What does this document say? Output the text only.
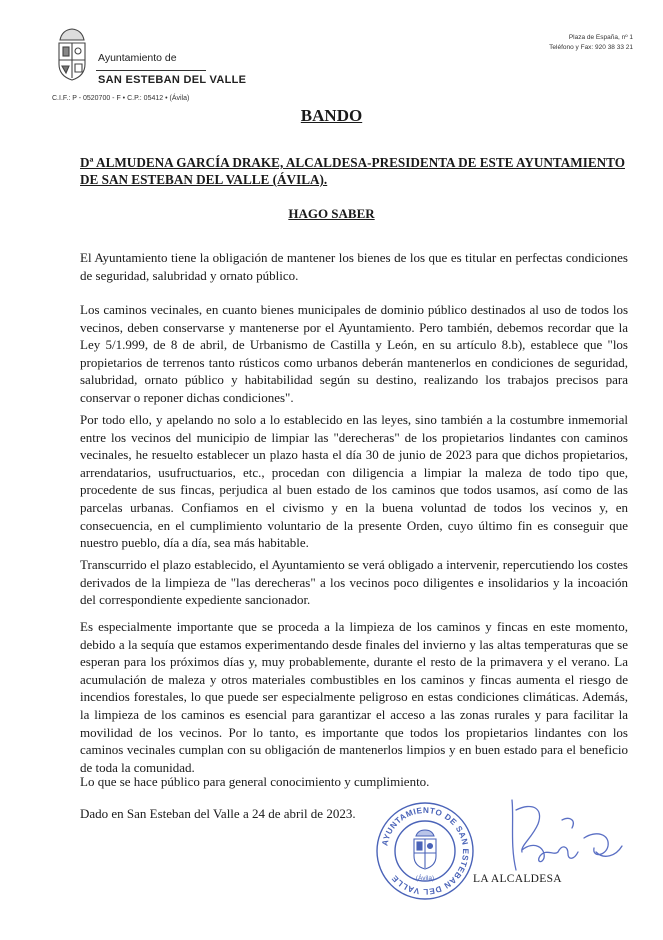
Ayuntamiento de
SAN ESTEBAN DEL VALLE
C.I.F.: P - 0520700 - F • C.P.: 05412 • (Ávila)
Plaza de España, nº 1
Teléfono y Fax: 920 38 33 21
BANDO
Dª ALMUDENA GARCÍA DRAKE, ALCALDESA-PRESIDENTA DE ESTE AYUNTAMIENTO DE SAN ESTEBAN DEL VALLE (ÁVILA).
HAGO SABER

El Ayuntamiento tiene la obligación de mantener los bienes de los que es titular en perfectas condiciones de seguridad, salubridad y ornato público.

Los caminos vecinales, en cuanto bienes municipales de dominio público destinados al uso de todos los vecinos, deben conservarse y mantenerse por el Ayuntamiento. Pero también, debemos recordar que la Ley 5/1.999, de 8 de abril, de Urbanismo de Castilla y León, en su artículo 8.b), establece que "los propietarios de terrenos tanto rústicos como urbanos deberán mantenerlos en condiciones de seguridad, salubridad, ornato público y habitabilidad según su destino, realizando los trabajos precisos para conservar o reponer dichas condiciones".

Por todo ello, y apelando no solo a lo establecido en las leyes, sino también a la costumbre inmemorial entre los vecinos del municipio de limpiar las "derecheras" de los propietarios lindantes con caminos vecinales, he resuelto establecer un plazo hasta el día 30 de junio de 2023 para que dichos propietarios, arrendatarios, usufructuarios, etc., procedan con diligencia a limpiar la maleza de todo tipo que, procedente de sus fincas, perjudica al buen estado de los caminos que todos usamos, así como de las parcelas urbanas. Confiamos en el civismo y en la buena voluntad de todos los vecinos y, en consecuencia, en el cumplimiento voluntario de la presente Orden, cuyo último fin es conseguir que nuestro pueblo, día a día, sea más habitable.

Transcurrido el plazo establecido, el Ayuntamiento se verá obligado a intervenir, repercutiendo los costes derivados de la limpieza de "las derecheras" a los vecinos poco diligentes e insolidarios y la incoación del correspondiente expediente sancionador.

Es especialmente importante que se proceda a la limpieza de los caminos y fincas en este momento, debido a la sequía que estamos experimentando desde finales del invierno y las altas temperaturas que se esperan para los próximos días y, muy probablemente, durante el resto de la primavera y el verano. La acumulación de maleza y otros materiales combustibles en los caminos y fincas aumenta el riesgo de incendios forestales, lo que puede ser especialmente peligroso en estas condiciones climáticas. Además, la limpieza de los caminos es esencial para garantizar el acceso a las zonas rurales y para facilitar la movilidad de los vecinos. Por lo tanto, es importante que todos los propietarios lindantes con los caminos vecinales cumplan con su obligación de mantenerlos limpios y en buen estado para el beneficio de toda la comunidad.

Lo que se hace público para general conocimiento y cumplimiento.
Dado en San Esteban del Valle a 24 de abril de 2023.
AYUNTAMIENTO DE SAN ESTEBAN DEL VALLE	(Ávila)	LA ALCALDESA
